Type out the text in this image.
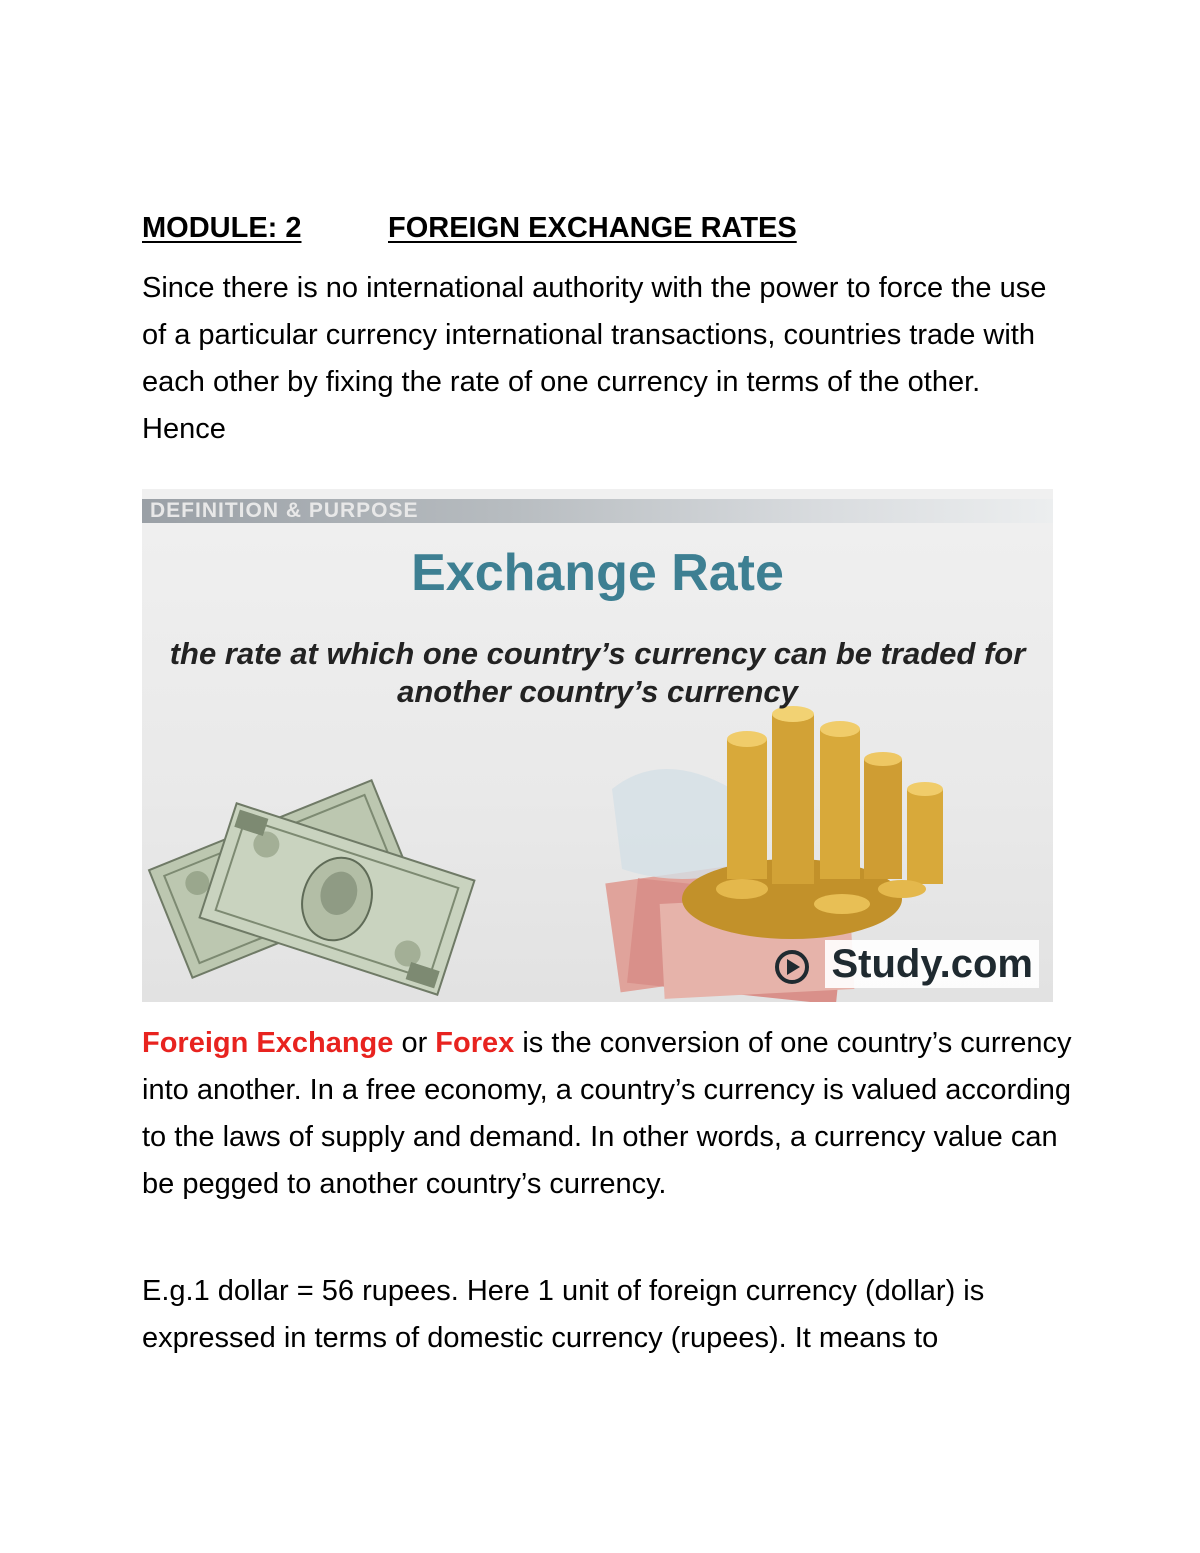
MODULE: 2	FOREIGN EXCHANGE RATES

Since there is no international authority with the power to force the use of a particular currency international transactions, countries trade with each other by fixing the rate of one currency in terms of the other. Hence

DEFINITION & PURPOSE
Exchange Rate
the rate at which one country’s currency can be traded for another country’s currency
Study.com

Foreign Exchange or Forex is the conversion of one country’s currency into another. In a free economy, a country’s currency is valued according to the laws of supply and demand. In other words, a currency value can be pegged to another country’s currency.

E.g.1 dollar = 56 rupees. Here 1 unit of foreign currency (dollar) is expressed in terms of domestic currency (rupees). It means to
